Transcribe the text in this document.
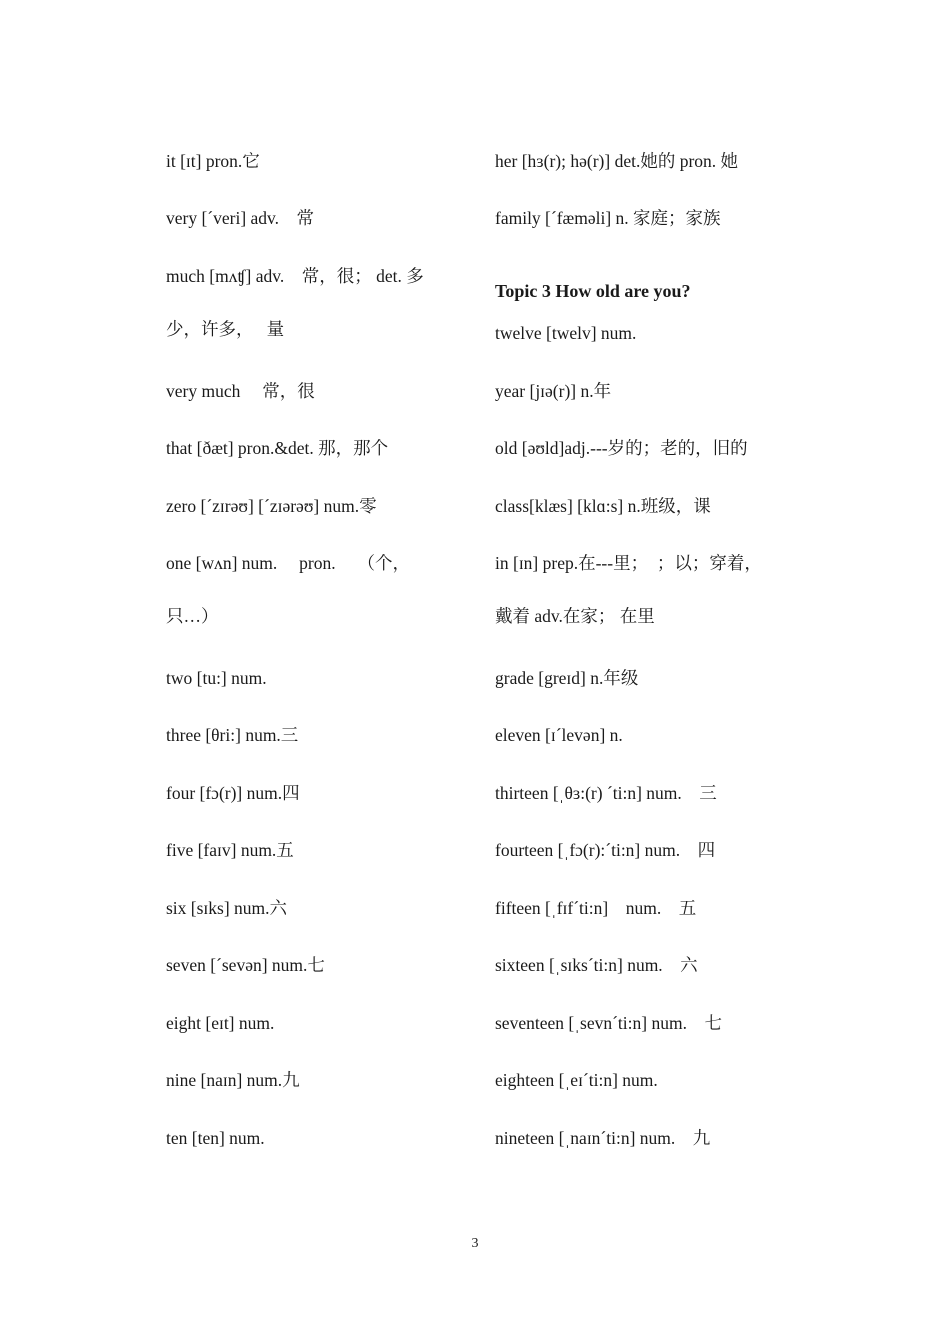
it [ɪt] pron.它
very [´veri] adv.　常
much [mʌʧ] adv.　常，很； det. 多
少，许多，　 量
very much　 常，很
that [ðæt] pron.&det. 那，那个
zero [´zɪrəʊ] [´zɪərəʊ] num.零
one [wʌn] num.　 pron.　 （个，
只…）
two [tu:] num.
three [θri:] num.三
four [fɔ(r)] num.四
five [faɪv] num.五
six [sɪks] num.六
seven [´sevən] num.七
eight [eɪt] num.
nine [naɪn] num.九
ten [ten] num.
her [hɜ(r); hə(r)] det.她的 pron. 她
family [´fæməli] n. 家庭；家族
Topic 3 How old are you?
twelve [twelv] num.
year [jɪə(r)] n.年
old [əʊld]adj.---岁的；老的，旧的
class[klæs] [klɑ:s] n.班级，课
in [ɪn] prep.在---里；　；以；穿着，
戴着 adv.在家； 在里
grade [greɪd] n.年级
eleven [ɪ´levən] n.
thirteen [ˌθɜ:(r) ´ti:n] num.　三
fourteen [ˌfɔ(r):´ti:n] num.　四
fifteen [ˌfɪf´ti:n]　num.　五
sixteen [ˌsɪks´ti:n] num.　六
seventeen [ˌsevn´ti:n] num.　七
eighteen [ˌeɪ´ti:n] num.
nineteen [ˌnaɪn´ti:n] num.　九
3
